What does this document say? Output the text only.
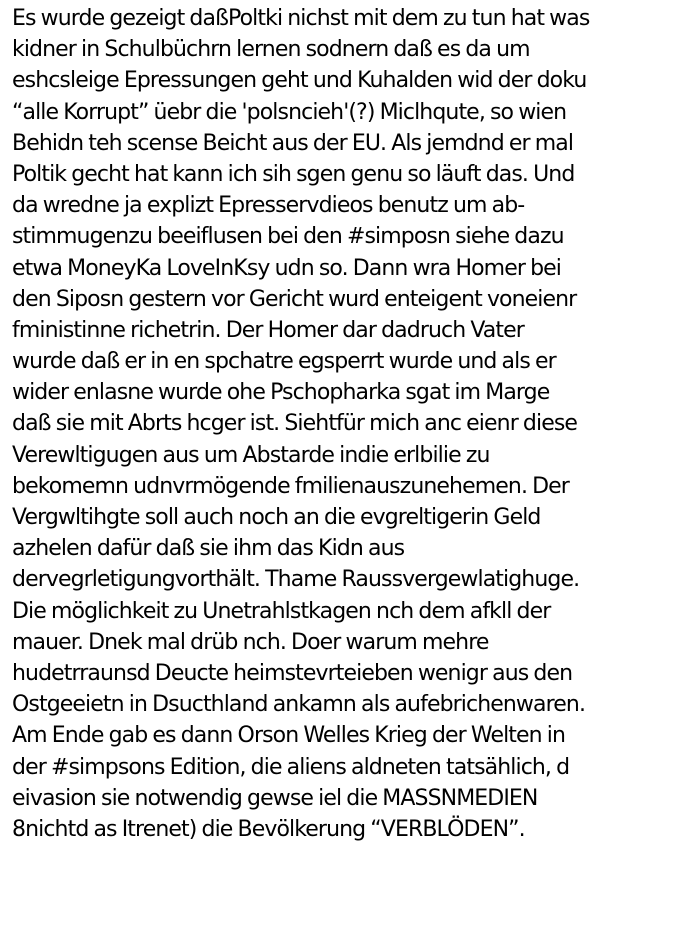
Es wurde gezeigt daßPoltki nichst mit dem zu tun hat was
kidner in Schulbüchrn lernen sodnern daß es da um
eshcsleige Epressungen geht und Kuhalden wid der doku
“alle Korrupt” üebr die 'polsncieh'(?) Miclhqute, so wien
Behidn teh scense Beicht aus der EU. Als jemdnd er mal
Poltik gecht hat kann ich sih sgen genu so läuft das. Und
da wredne ja explizt Epresservdieos benutz um ab-
stimmugenzu beeiflusen bei den #simposn siehe dazu
etwa MoneyKa LoveInKsy udn so. Dann wra Homer bei
den Siposn gestern vor Gericht wurd enteigent voneienr
fministinne richetrin. Der Homer dar dadruch Vater
wurde daß er in en spchatre egsperrt wurde und als er
wider enlasne wurde ohe Pschopharka sgat im Marge
daß sie mit Abrts hcger ist. Siehtfür mich anc eienr diese
Verewltigugen aus um Abstarde indie erlbilie zu
bekomemn udnvrmögende fmilienauszunehemen. Der
Vergwltihgte soll auch noch an die evgreltigerin Geld
azhelen dafür daß sie ihm das Kidn aus
dervegrletigungvorthält. Thame Raussvergewlatighuge.
Die möglichkeit zu Unetrahlstkagen nch dem afkll der
mauer. Dnek mal drüb nch. Doer warum mehre
hudetrraunsd Deucte heimstevrteieben wenigr aus den
Ostgeeietn in Dsucthland ankamn als aufebrichenwaren.
Am Ende gab es dann Orson Welles Krieg der Welten in
der #simpsons Edition, die aliens aldneten tatsählich, d
eivasion sie notwendig gewse iel die MASSNMEDIEN
8nichtd as Itrenet) die Bevölkerung “VERBLÖDEN”.
